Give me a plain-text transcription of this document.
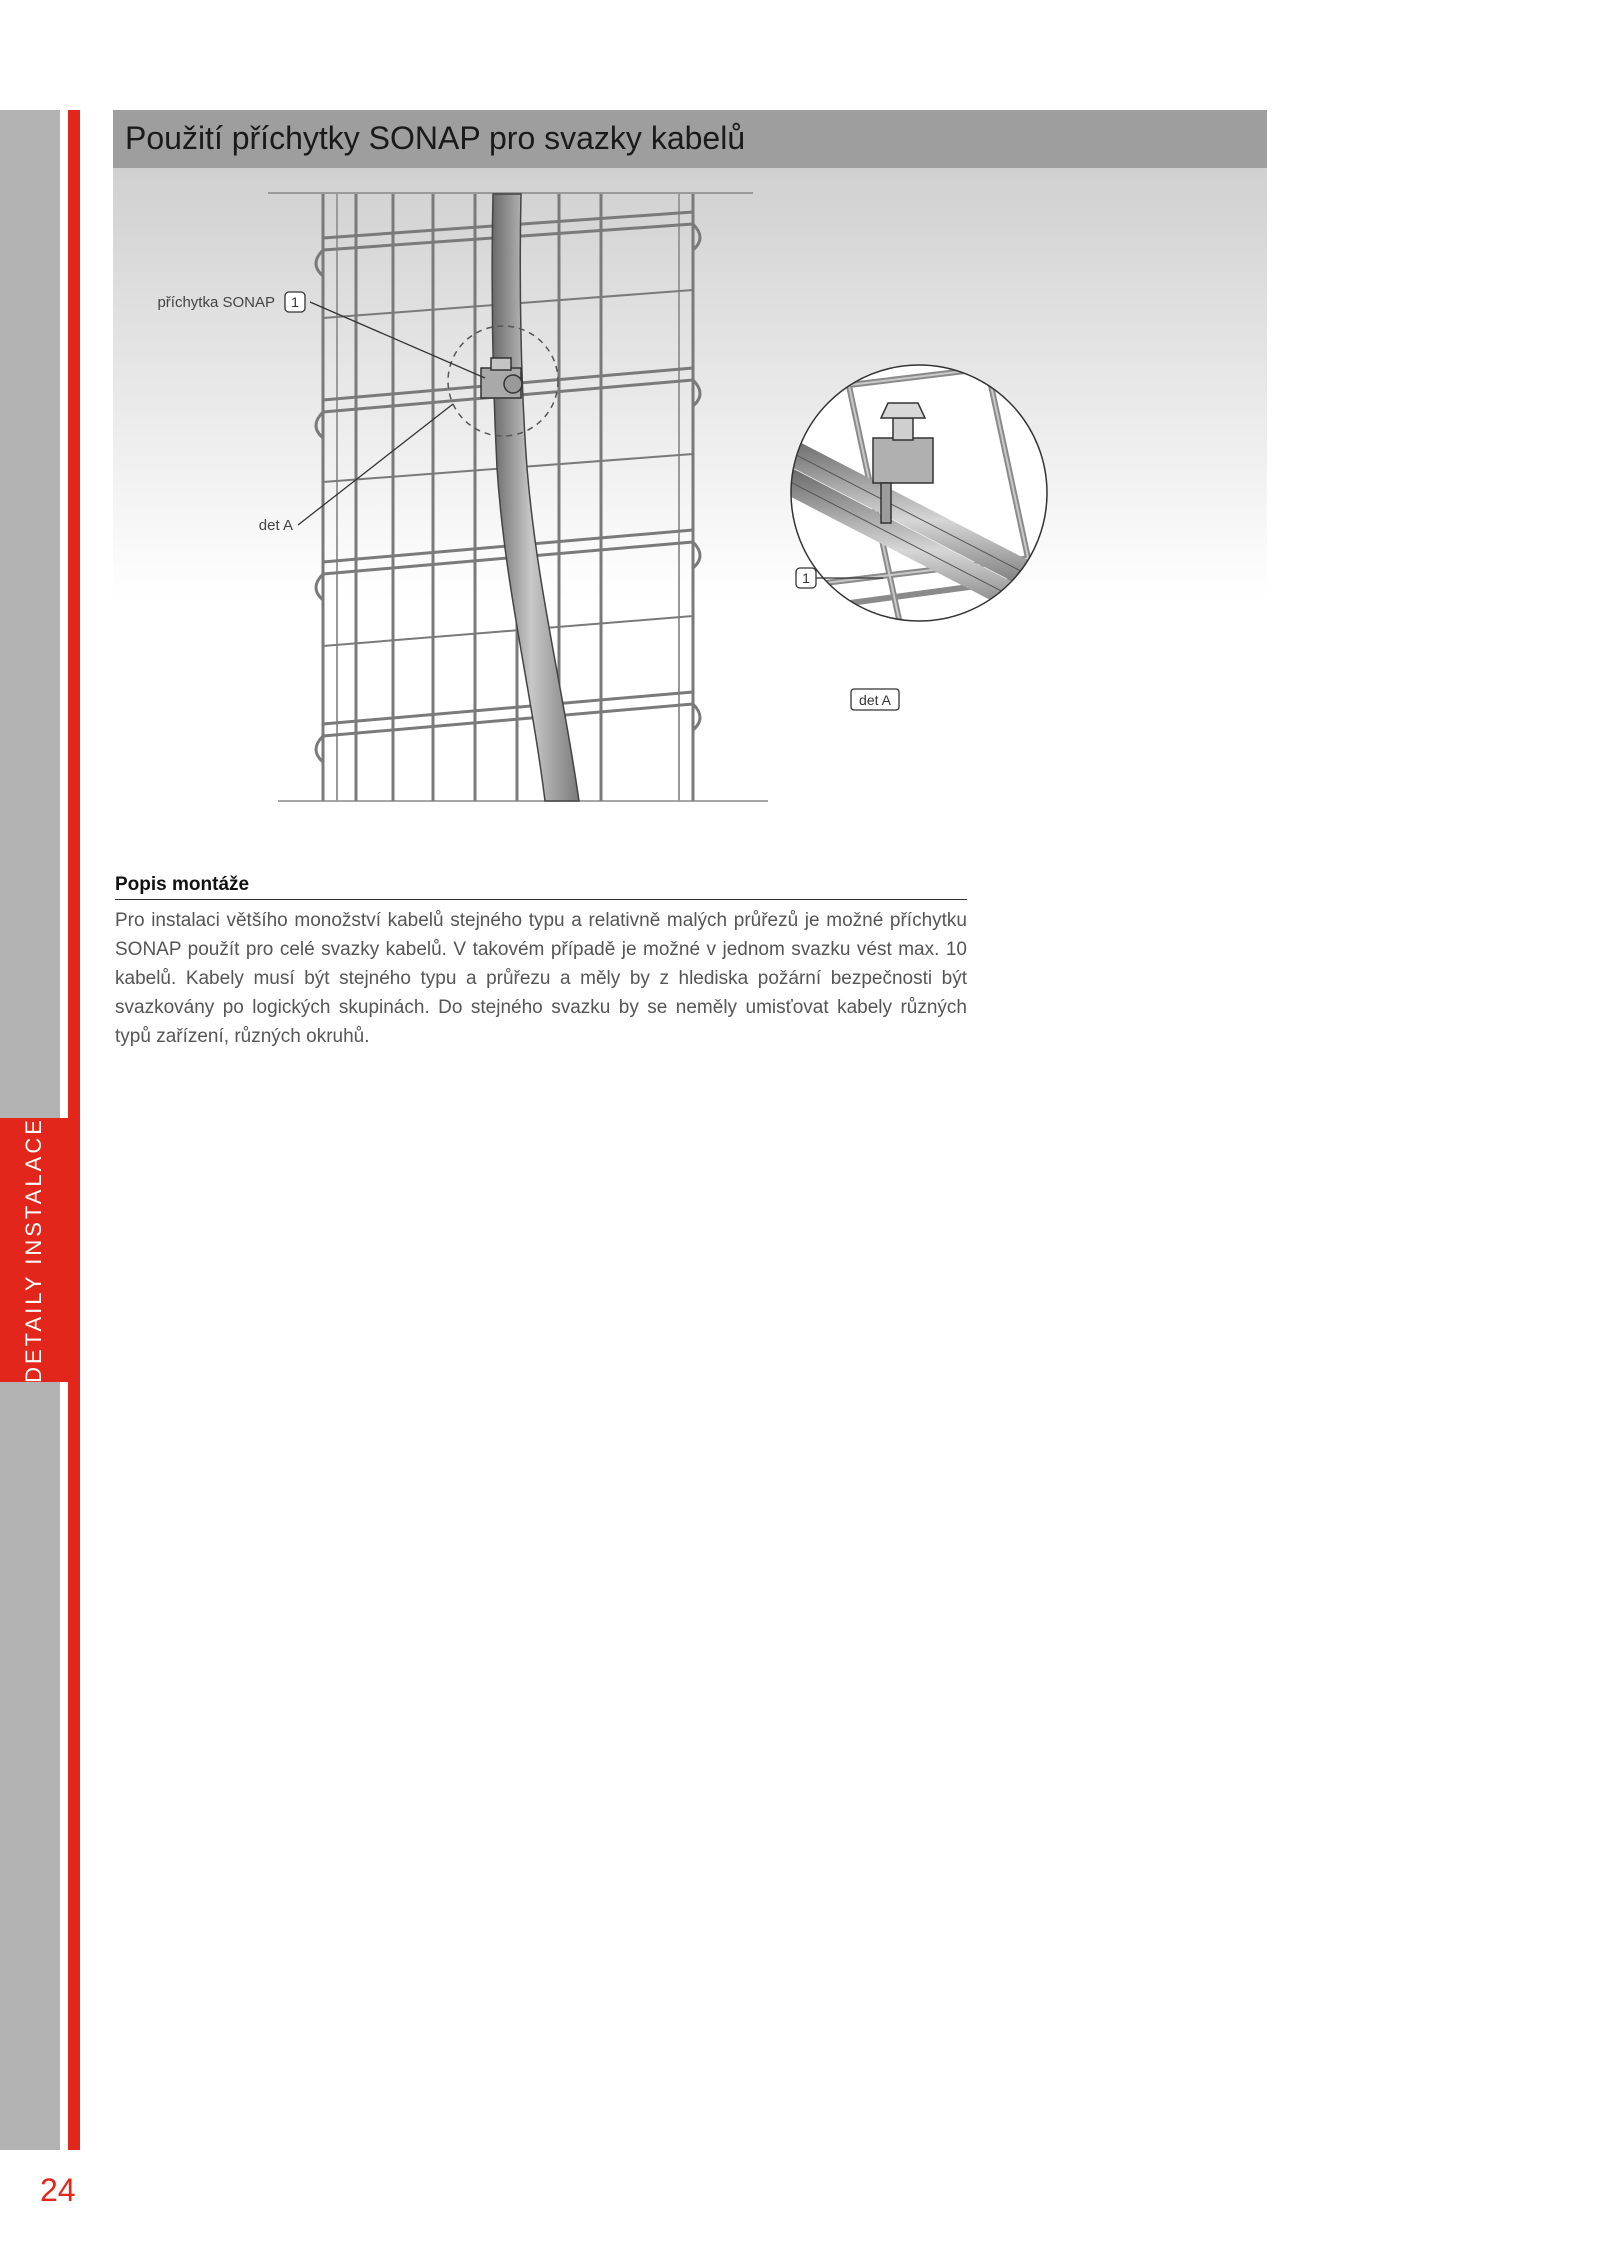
DETAILY INSTALACE
Použití příchytky SONAP pro svazky kabelů
příchytka SONAP 1
det A
1
det A
Popis montáže

Pro instalaci většího monožství kabelů stejného typu a relativně malých průřezů je možné příchytku SONAP použít pro celé svazky kabelů. V takovém případě je možné v jednom svazku vést max. 10 kabelů. Kabely musí být stejného typu a průřezu a měly by z hlediska požární bezpečnosti být svazkovány po logických skupinách. Do stejného svazku by se neměly umisťovat kabely různých typů zařízení, různých okruhů.

24
